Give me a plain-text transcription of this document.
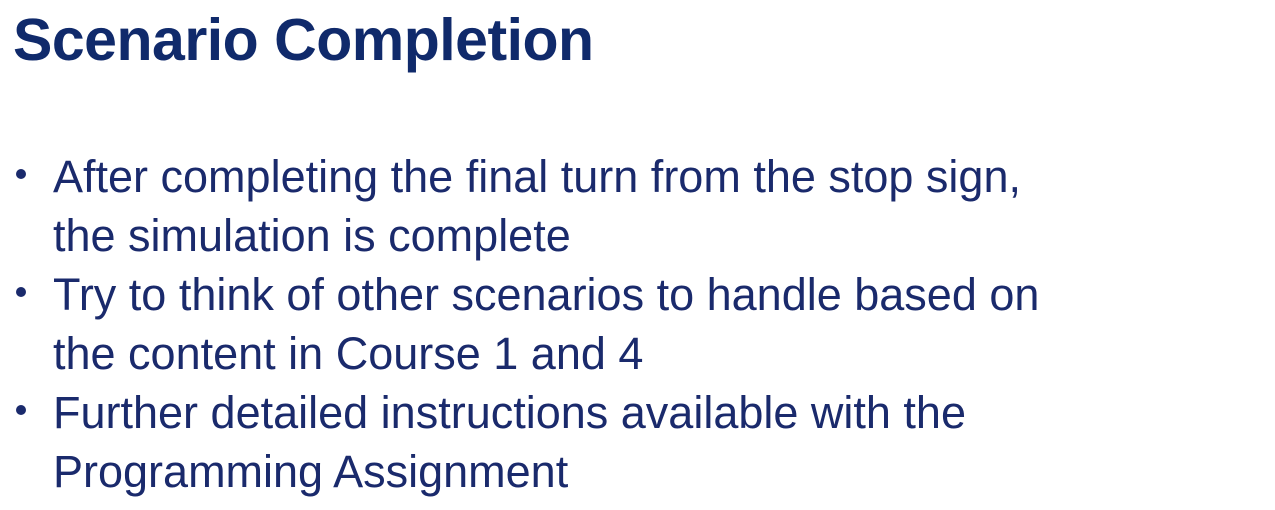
Scenario Completion
After completing the final turn from the stop sign,
the simulation is complete
Try to think of other scenarios to handle based on
the content in Course 1 and 4
Further detailed instructions available with the
Programming Assignment
